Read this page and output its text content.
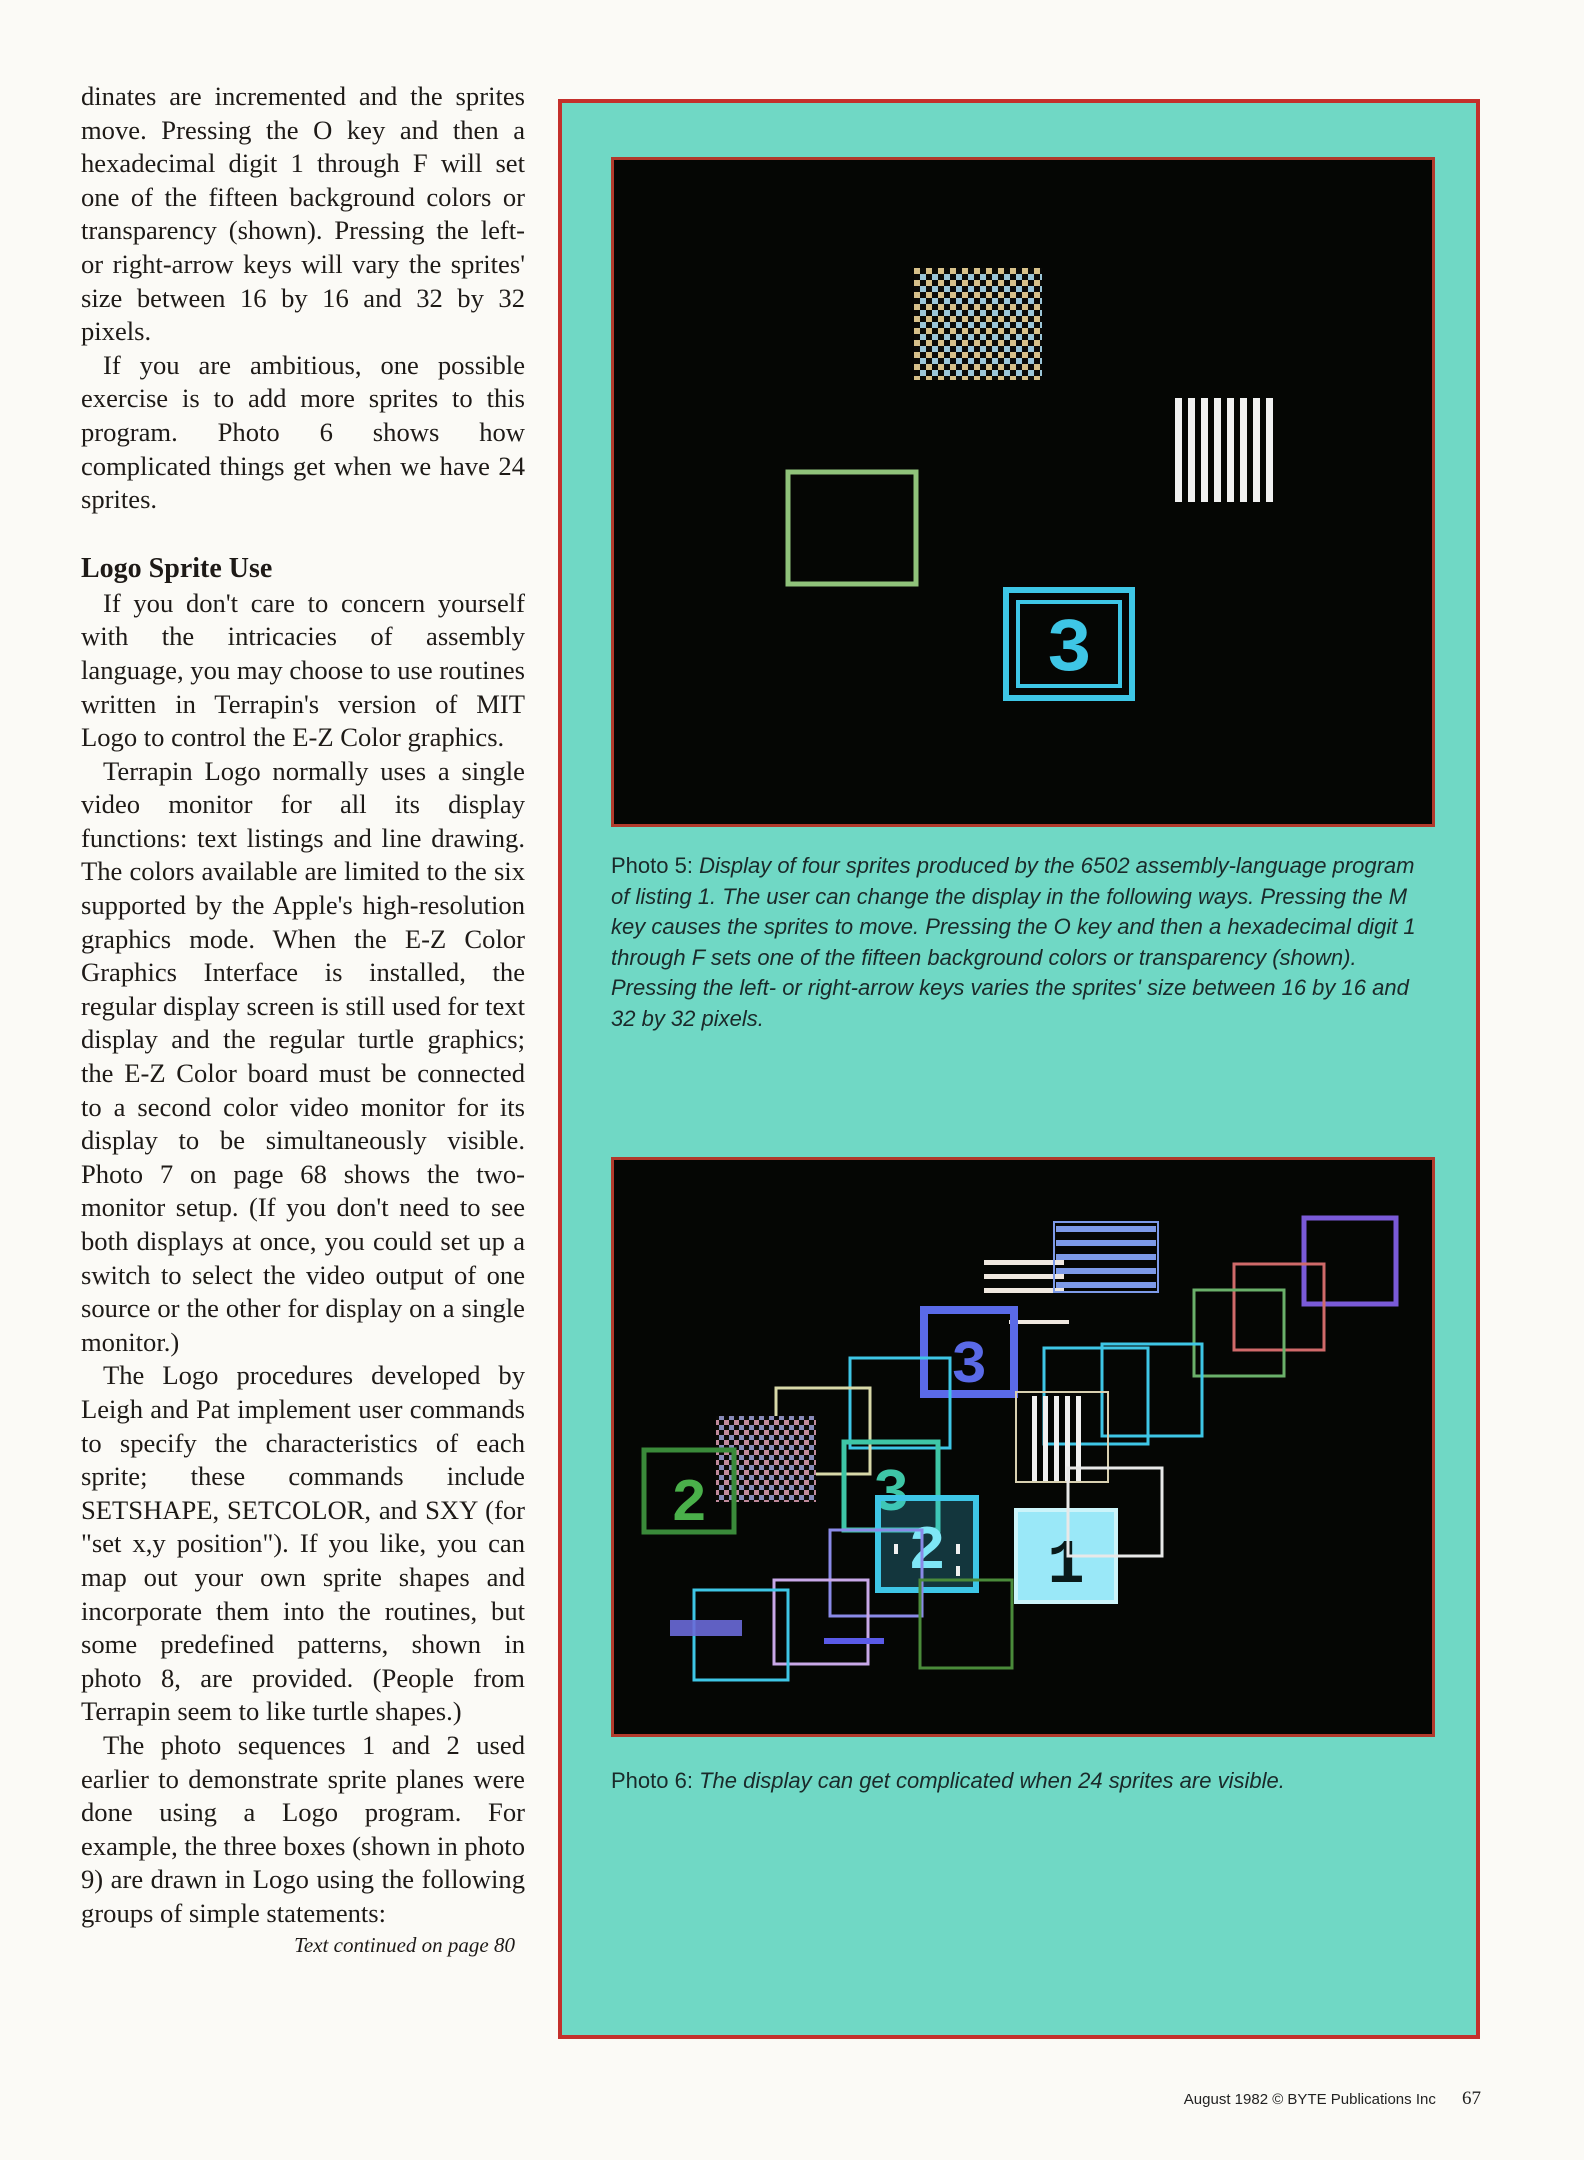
dinates are incremented and the sprites move. Pressing the O key and then a hexadecimal digit 1 through F will set one of the fifteen background colors or transparency (shown). Pressing the left- or right-arrow keys will vary the sprites' size between 16 by 16 and 32 by 32 pixels.

If you are ambitious, one possible exercise is to add more sprites to this program. Photo 6 shows how complicated things get when we have 24 sprites.

Logo Sprite Use

If you don't care to concern yourself with the intricacies of assembly language, you may choose to use routines written in Terrapin's version of MIT Logo to control the E-Z Color graphics.

Terrapin Logo normally uses a single video monitor for all its display functions: text listings and line drawing. The colors available are limited to the six supported by the Apple's high-resolution graphics mode. When the E-Z Color Graphics Interface is installed, the regular display screen is still used for text display and the regular turtle graphics; the E-Z Color board must be connected to a second color video monitor for its display to be simultaneously visible. Photo 7 on page 68 shows the two-monitor setup. (If you don't need to see both displays at once, you could set up a switch to select the video output of one source or the other for display on a single monitor.)

The Logo procedures developed by Leigh and Pat implement user commands to specify the characteristics of each sprite; these commands include SETSHAPE, SETCOLOR, and SXY (for "set x,y position"). If you like, you can map out your own sprite shapes and incorporate them into the routines, but some predefined patterns, shown in photo 8, are provided. (People from Terrapin seem to like turtle shapes.)

The photo sequences 1 and 2 used earlier to demonstrate sprite planes were done using a Logo program. For example, the three boxes (shown in photo 9) are drawn in Logo using the following groups of simple statements:

Text continued on page 80
3
Photo 5: Display of four sprites produced by the 6502 assembly-language program of listing 1. The user can change the display in the following ways. Pressing the M key causes the sprites to move. Pressing the O key and then a hexadecimal digit 1 through F sets one of the fifteen background colors or transparency (shown). Pressing the left- or right-arrow keys varies the sprites' size between 16 by 16 and 32 by 32 pixels.
3
2	3
2 1
Photo 6: The display can get complicated when 24 sprites are visible.
August 1982 © BYTE Publications Inc 67
